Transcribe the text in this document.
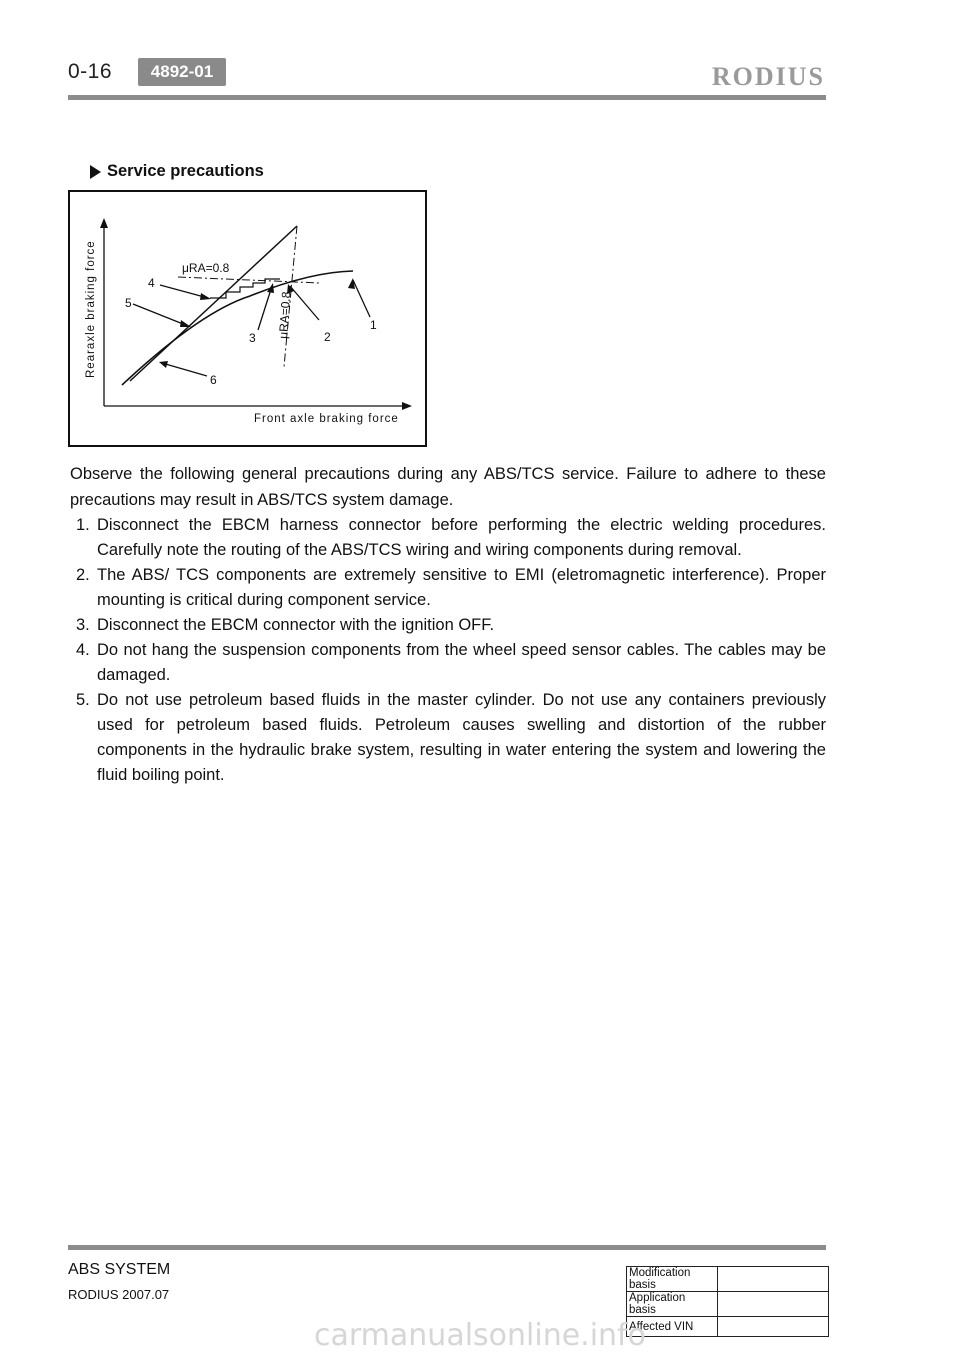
0-16	4892-01	RODIUS
Service precautions
1
2
3
4
5
6
μRA=0.8
μRA=0.8
Rearaxle braking force
Front axle braking force
Observe the following general precautions during any ABS/TCS service. Failure to adhere to these precautions may result in ABS/TCS system damage.
1. Disconnect the EBCM harness connector before performing the electric welding procedures. Carefully note the routing of the ABS/TCS wiring and wiring components during removal.
2. The ABS/ TCS components are extremely sensitive to EMI (eletromagnetic interference). Proper mounting is critical during component service.
3. Disconnect the EBCM connector with the ignition OFF.
4. Do not hang the suspension components from the wheel speed sensor cables. The cables may be damaged.
5. Do not use petroleum based fluids in the master cylinder. Do not use any containers previously used for petroleum based fluids. Petroleum causes swelling and distortion of the rubber components in the hydraulic brake system, resulting in water entering the system and lowering the fluid boiling point.
ABS SYSTEM
RODIUS 2007.07
Modification basis	
Application basis	
Affected VIN	
carmanualsonline.info
